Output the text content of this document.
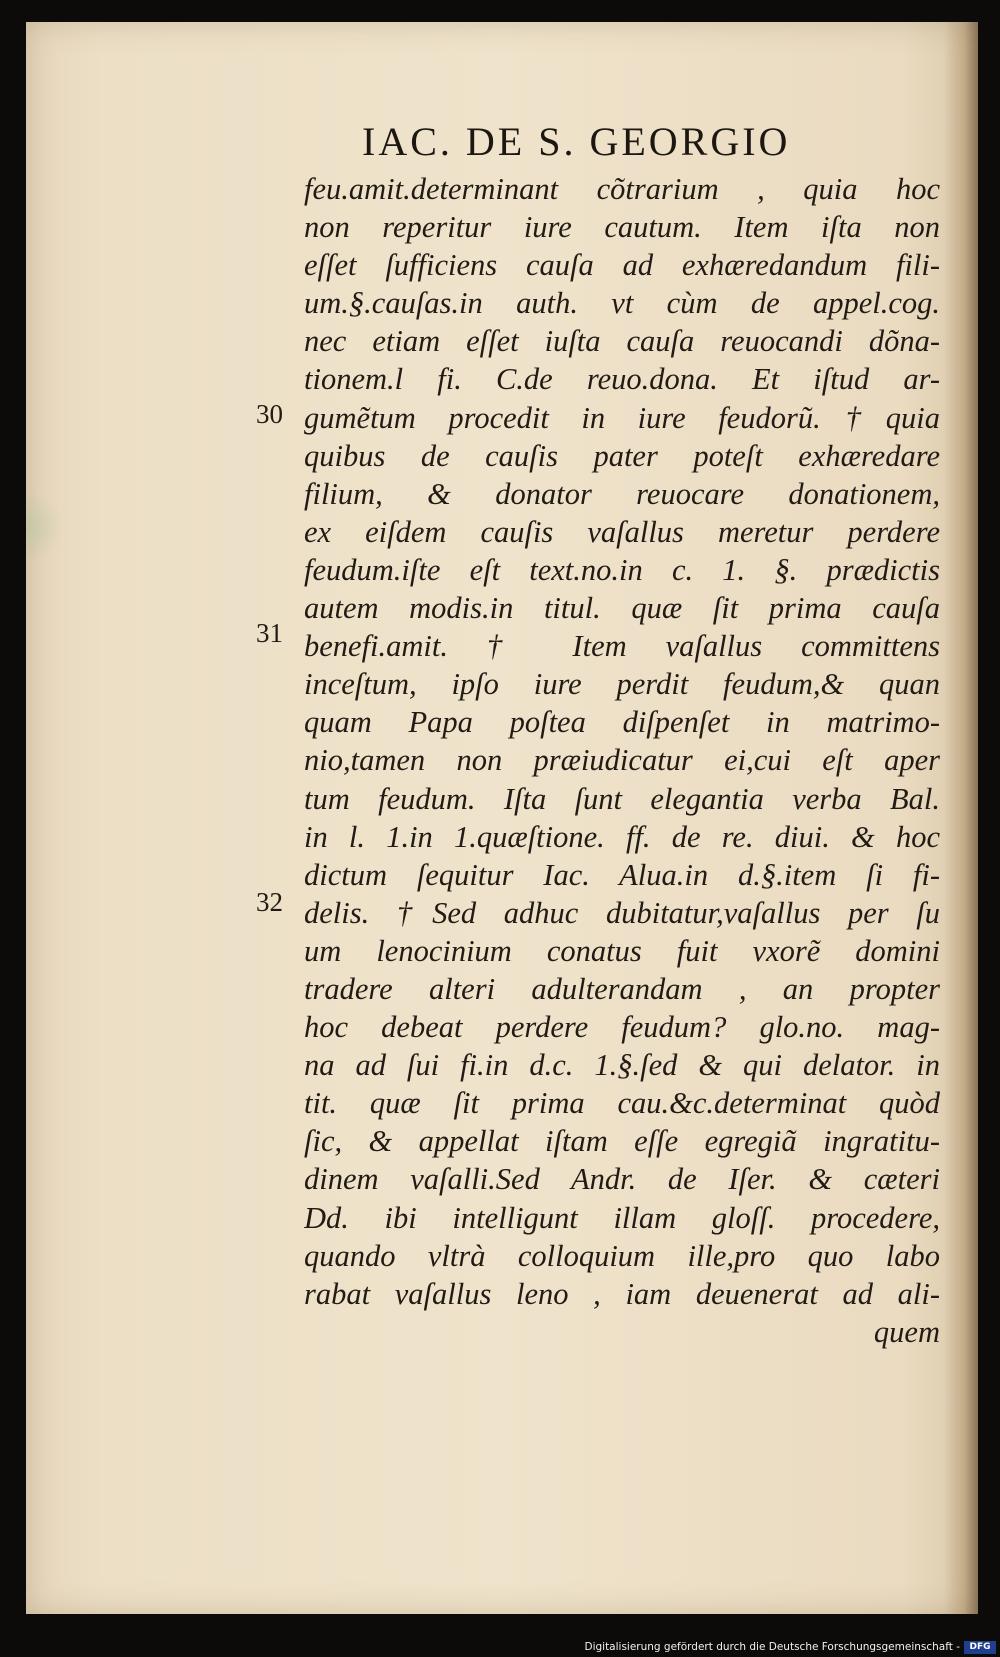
IAC. DE S. GEORGIO
30
31
32
feu.amit.determinant cõtrarium , quia hoc
non reperitur iure cautum. Item iſta non
eſſet ſufficiens cauſa ad exhæredandum fili-
um.§.cauſas.in auth. vt cùm de appel.cog.
nec etiam eſſet iuſta cauſa reuocandi dõna-
tionem.l fi. C.de reuo.dona. Et iſtud ar-
gumẽtum procedit in iure feudorũ.†quia
quibus de cauſis pater poteſt exhæredare
filium, & donator reuocare donationem,
ex eiſdem cauſis vaſallus meretur perdere
feudum.iſte eſt text.no.in c. 1. §. prædictis
autem modis.in titul. quæ ſit prima cauſa
benefi.amit. † Item vaſallus committens
inceſtum, ipſo iure perdit feudum,& quan
quam Papa poſtea diſpenſet in matrimo-
nio,tamen non præiudicatur ei,cui eſt aper
tum feudum. Iſta ſunt elegantia verba Bal.
in l. 1.in 1.quæſtione. ff. de re. diui. & hoc
dictum ſequitur Iac. Alua.in d.§.item ſi fi-
delis. †Sed adhuc dubitatur,vaſallus per ſu
um lenocinium conatus fuit vxorẽ domini
tradere alteri adulterandam , an propter
hoc debeat perdere feudum? glo.no. mag-
na ad ſui fi.in d.c. 1.§.ſed & qui delator. in
tit. quæ ſit prima cau.&c.determinat quòd
ſic, & appellat iſtam eſſe egregiã ingratitu-
dinem vaſalli.Sed Andr. de Iſer. & cæteri
Dd. ibi intelligunt illam gloſſ. procedere,
quando vltrà colloquium ille,pro quo labo
rabat vaſallus leno , iam deuenerat ad ali-
quem
Digitalisierung gefördert durch die Deutsche Forschungsgemeinschaft -	DFG
